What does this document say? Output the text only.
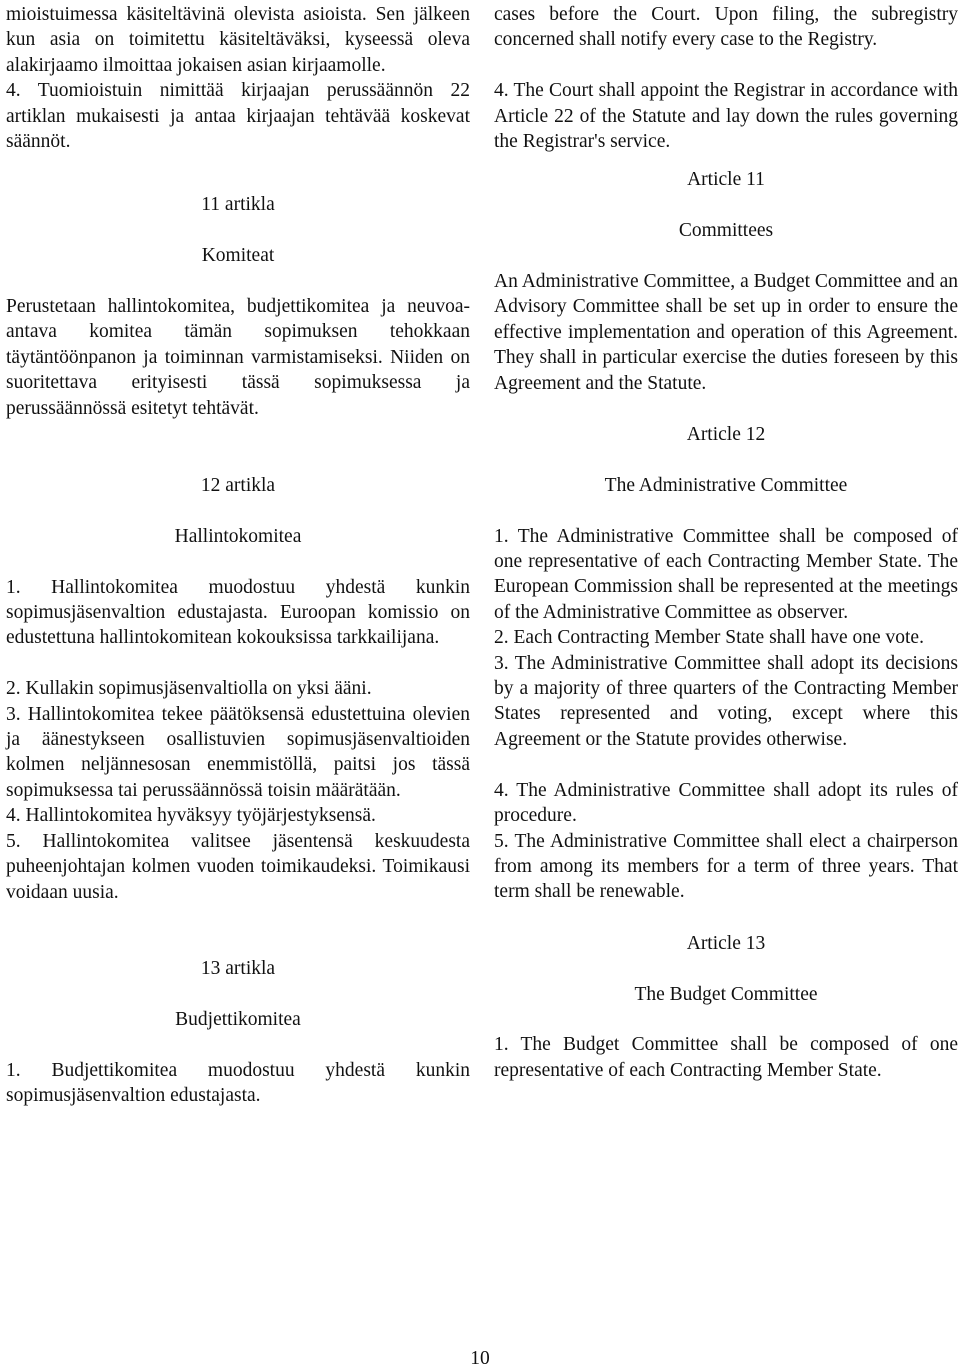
mioistuimessa käsiteltävinä olevista asioista. Sen jälkeen kun asia on toimitettu käsiteltäväksi, kyseessä oleva alakirjaamo ilmoittaa jokaisen asian kirjaamolle.

4. Tuomioistuin nimittää kirjaajan perussäännön 22 artiklan mukaisesti ja antaa kirjaajan tehtävää koskevat säännöt.

11 artikla

Komiteat

Perustetaan hallintokomitea, budjettikomitea ja neuvoa-antava komitea tämän sopimuksen tehokkaan täytäntöönpanon ja toiminnan varmistamiseksi. Niiden on suoritettava erityisesti tässä sopimuksessa ja perussäännössä esitetyt tehtävät.

12 artikla

Hallintokomitea

1. Hallintokomitea muodostuu yhdestä kunkin sopimusjäsenvaltion edustajasta. Euroopan komissio on edustettuna hallintokomitean kokouksissa tarkkailijana.

2. Kullakin sopimusjäsenvaltiolla on yksi ääni.

3. Hallintokomitea tekee päätöksensä edustettuina olevien ja äänestykseen osallistuvien sopimusjäsenvaltioiden kolmen neljännesosan enemmistöllä, paitsi jos tässä sopimuksessa tai perussäännössä toisin määrätään.

4. Hallintokomitea hyväksyy työjärjestyksensä.

5. Hallintokomitea valitsee jäsentensä keskuudesta puheenjohtajan kolmen vuoden toimikaudeksi. Toimikausi voidaan uusia.

13 artikla

Budjettikomitea

1. Budjettikomitea muodostuu yhdestä kunkin sopimusjäsenvaltion edustajasta.

cases before the Court. Upon filing, the subregistry concerned shall notify every case to the Registry.

4. The Court shall appoint the Registrar in accordance with Article 22 of the Statute and lay down the rules governing the Registrar's service.

Article 11

Committees

An Administrative Committee, a Budget Committee and an Advisory Committee shall be set up in order to ensure the effective implementation and operation of this Agreement. They shall in particular exercise the duties foreseen by this Agreement and the Statute.

Article 12

The Administrative Committee

1. The Administrative Committee shall be composed of one representative of each Contracting Member State. The European Commission shall be represented at the meetings of the Administrative Committee as observer.

2. Each Contracting Member State shall have one vote.

3. The Administrative Committee shall adopt its decisions by a majority of three quarters of the Contracting Member States represented and voting, except where this Agreement or the Statute provides otherwise.

4. The Administrative Committee shall adopt its rules of procedure.

5. The Administrative Committee shall elect a chairperson from among its members for a term of three years. That term shall be renewable.

Article 13

The Budget Committee

1. The Budget Committee shall be composed of one representative of each Contracting Member State.

10
